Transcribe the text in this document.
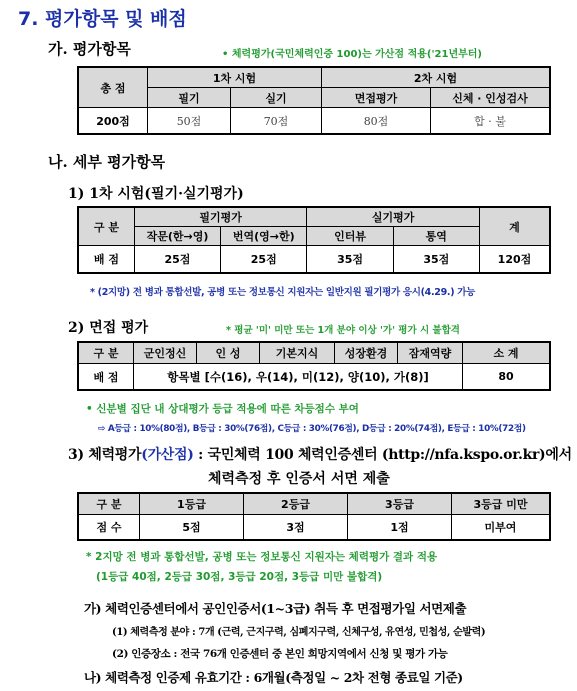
7. 평가항목 및 배점
가. 평가항목	• 체력평가(국민체력인증 100)는 가산점 적용('21년부터)
총 점	1차 시험		2차 시험	
	필기	실기	면접평가	신체 · 인성검사
200점	50점	70점	80점	합 · 불
나. 세부 평가항목
1) 1차 시험(필기·실기평가)
구 분	필기평가		실기평가		계
	작문(한→영)	번역(영→한)	인터뷰	통역	
배 점	25점	25점	35점	35점	120점
* (2지망) 전 병과 통합선발, 공병 또는 정보통신 지원자는 일반지원 필기평가 응시(4.29.) 가능
2) 면접 평가	* 평균 '미' 미만 또는 1개 분야 이상 '가' 평가 시 불합격
구 분	군인정신	인 성	기본지식	성장환경	잠재역량	소 계
배 점	항목별 [수(16), 우(14), 미(12), 양(10), 가(8)]					80
• 신분별 집단 내 상대평가 등급 적용에 따른 차등점수 부여
⇨ A등급 : 10%(80점), B등급 : 30%(76점), C등급 : 30%(76점), D등급 : 20%(74점), E등급 : 10%(72점)
3) 체력평가(가산점) : 국민체력 100 체력인증센터 (http://nfa.kspo.or.kr)에서
체력측정 후 인증서 서면 제출
구 분	1등급	2등급	3등급	3등급 미만
점 수	5점	3점	1점	미부여
* 2지망 전 병과 통합선발, 공병 또는 정보통신 지원자는 체력평가 결과 적용
(1등급 40점, 2등급 30점, 3등급 20점, 3등급 미만 불합격)
가) 체력인증센터에서 공인인증서(1~3급) 취득 후 면접평가일 서면제출
(1) 체력측정 분야 : 7개 (근력, 근지구력, 심폐지구력, 신체구성, 유연성, 민첩성, 순발력)
(2) 인증장소 : 전국 76개 인증센터 중 본인 희망지역에서 신청 및 평가 가능
나) 체력측정 인증제 유효기간 : 6개월(측정일 ~ 2차 전형 종료일 기준)
